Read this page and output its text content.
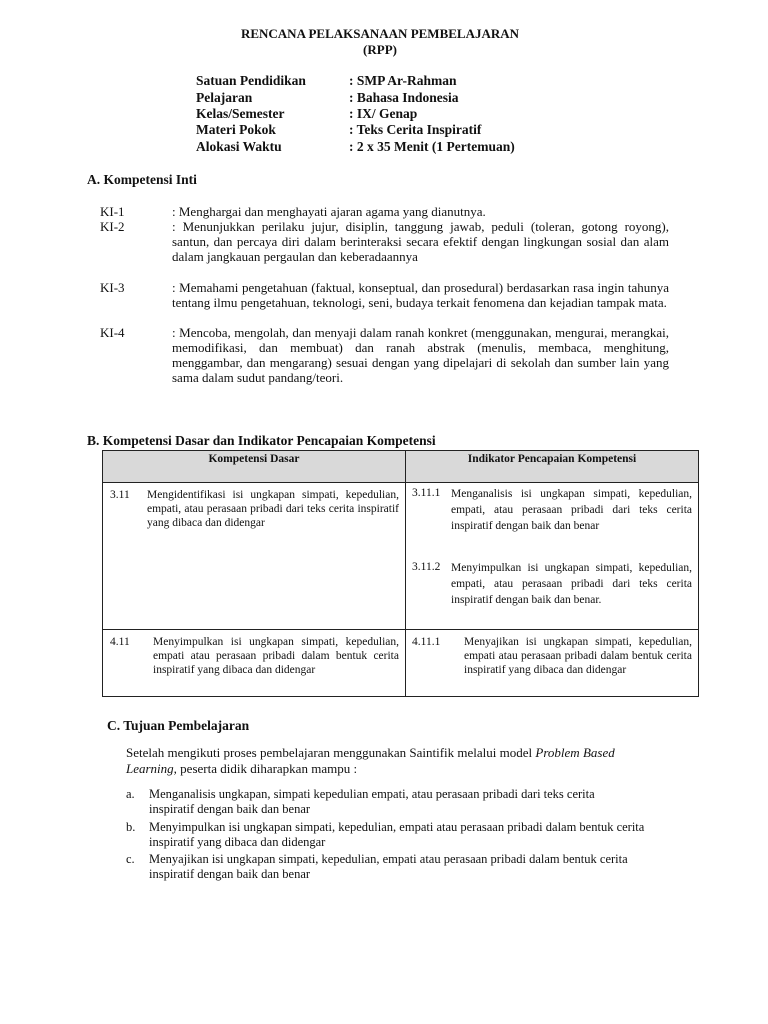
RENCANA PELAKSANAAN PEMBELAJARAN
(RPP)
Satuan Pendidikan	: SMP Ar-Rahman
Pelajaran	: Bahasa Indonesia
Kelas/Semester	: IX/ Genap
Materi Pokok	: Teks Cerita Inspiratif
Alokasi Waktu	: 2 x 35 Menit (1 Pertemuan)
A. Kompetensi Inti
KI-1	: Menghargai dan menghayati ajaran agama yang dianutnya.
KI-2	: Menunjukkan perilaku jujur, disiplin, tanggung jawab, peduli (toleran, gotong royong), santun, dan percaya diri dalam berinteraksi secara efektif dengan lingkungan sosial dan alam dalam jangkauan pergaulan dan keberadaannya
KI-3	: Memahami pengetahuan (faktual, konseptual, dan prosedural) berdasarkan rasa ingin tahunya tentang ilmu pengetahuan, teknologi, seni, budaya terkait fenomena dan kejadian tampak mata.
KI-4	: Mencoba, mengolah, dan menyaji dalam ranah konkret (menggunakan, mengurai, merangkai, memodifikasi, dan membuat) dan ranah abstrak (menulis, membaca, menghitung, menggambar, dan mengarang) sesuai dengan yang dipelajari di sekolah dan sumber lain yang sama dalam sudut pandang/teori.
B. Kompetensi Dasar dan Indikator Pencapaian Kompetensi
Kompetensi Dasar	Indikator Pencapaian Kompetensi

3.11 Mengidentifikasi isi ungkapan simpati, kepedulian, empati, atau perasaan pribadi dari teks cerita inspiratif yang dibaca dan didengar	3.11.1 Menganalisis isi ungkapan simpati, kepedulian, empati, atau perasaan pribadi dari teks cerita inspiratif dengan baik dan benar
3.11.2 Menyimpulkan isi ungkapan simpati, kepedulian, empati, atau perasaan pribadi dari teks cerita inspiratif dengan baik dan benar.

4.11 Menyimpulkan isi ungkapan simpati, kepedulian, empati atau perasaan pribadi dalam bentuk cerita inspiratif yang dibaca dan didengar	4.11.1 Menyajikan isi ungkapan simpati, kepedulian, empati atau perasaan pribadi dalam bentuk cerita inspiratif yang dibaca dan didengar
C. Tujuan Pembelajaran
Setelah mengikuti proses pembelajaran menggunakan Saintifik melalui model Problem Based Learning, peserta didik diharapkan mampu :
a. Menganalisis ungkapan, simpati kepedulian empati, atau perasaan pribadi dari teks cerita inspiratif dengan baik dan benar
b. Menyimpulkan isi ungkapan simpati, kepedulian, empati atau perasaan pribadi dalam bentuk cerita inspiratif yang dibaca dan didengar
c. Menyajikan isi ungkapan simpati, kepedulian, empati atau perasaan pribadi dalam bentuk cerita inspiratif dengan baik dan benar
